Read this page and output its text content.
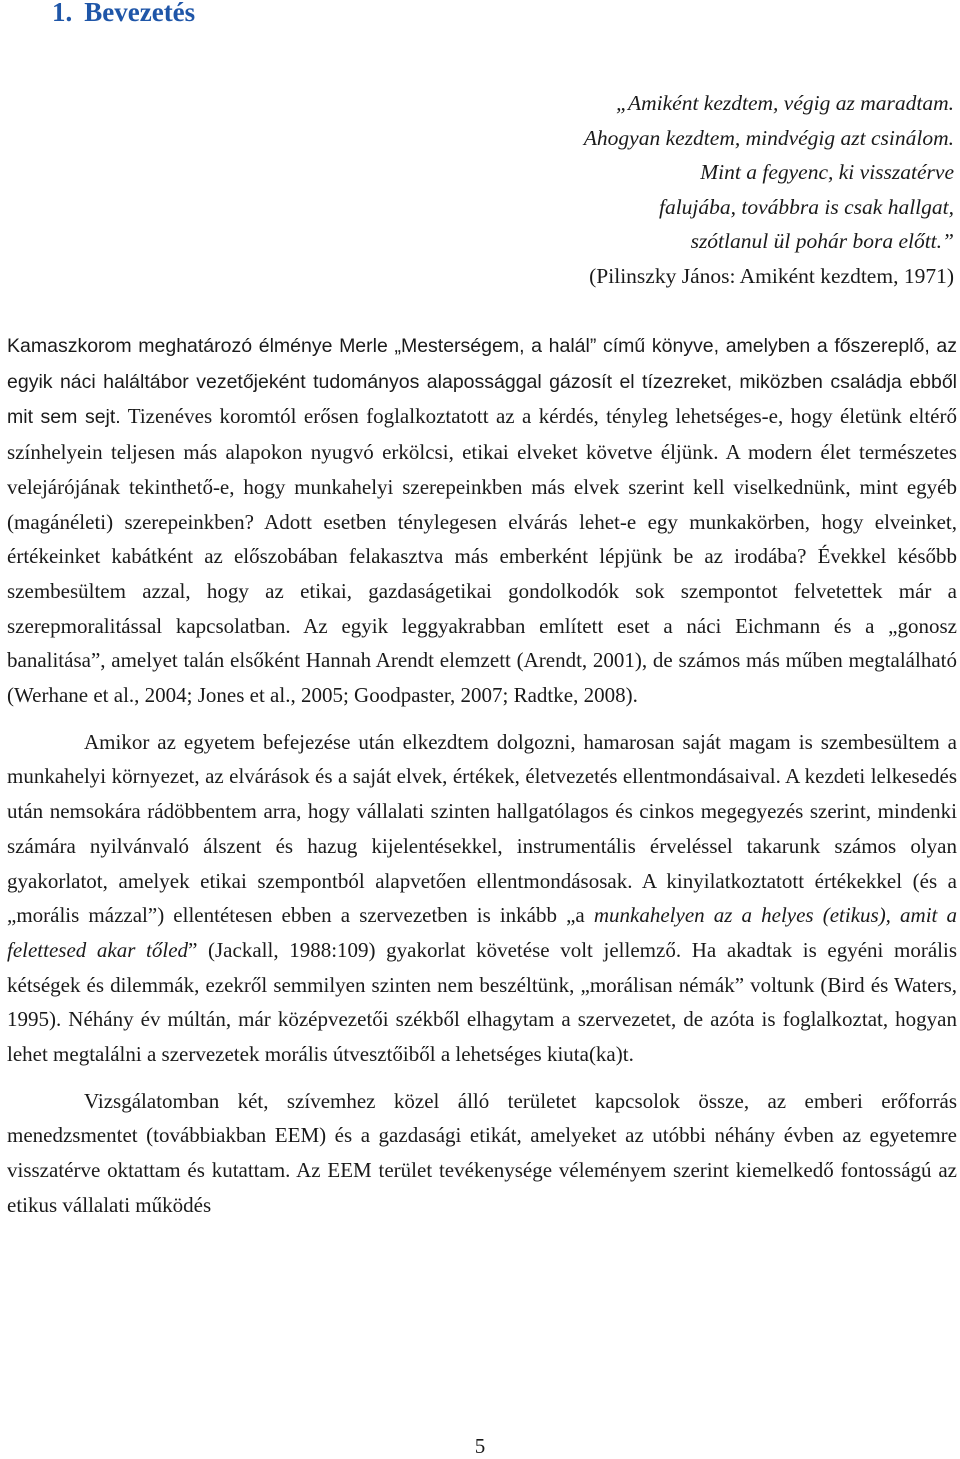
1. Bevezetés
„Amiként kezdtem, végig az maradtam.
Ahogyan kezdtem, mindvégig azt csinálom.
Mint a fegyenc, ki visszatérve
falujába, továbbra is csak hallgat,
szótlanul ül pohár bora előtt.”
(Pilinszky János: Amiként kezdtem, 1971)

Kamaszkorom meghatározó élménye Merle „Mesterségem, a halál” című könyve, amelyben a főszereplő, az egyik náci haláltábor vezetőjeként tudományos alapossággal gázosít el tízezreket, miközben családja ebből mit sem sejt. Tizenéves koromtól erősen foglalkoztatott az a kérdés, tényleg lehetséges-e, hogy életünk eltérő színhelyein teljesen más alapokon nyugvó erkölcsi, etikai elveket követve éljünk. A modern élet természetes velejárójának tekinthető-e, hogy munkahelyi szerepeinkben más elvek szerint kell viselkednünk, mint egyéb (magánéleti) szerepeinkben? Adott esetben ténylegesen elvárás lehet-e egy munkakörben, hogy elveinket, értékeinket kabátként az előszobában felakasztva más emberként lépjünk be az irodába? Évekkel később szembesültem azzal, hogy az etikai, gazdaságetikai gondolkodók sok szempontot felvetettek már a szerepmoralitással kapcsolatban. Az egyik leggyakrabban említett eset a náci Eichmann és a „gonosz banalitása”, amelyet talán elsőként Hannah Arendt elemzett (Arendt, 2001), de számos más műben megtalálható (Werhane et al., 2004; Jones et al., 2005; Goodpaster, 2007; Radtke, 2008).

Amikor az egyetem befejezése után elkezdtem dolgozni, hamarosan saját magam is szembesültem a munkahelyi környezet, az elvárások és a saját elvek, értékek, életvezetés ellentmondásaival. A kezdeti lelkesedés után nemsokára rádöbbentem arra, hogy vállalati szinten hallgatólagos és cinkos megegyezés szerint, mindenki számára nyilvánvaló álszent és hazug kijelentésekkel, instrumentális érveléssel takarunk számos olyan gyakorlatot, amelyek etikai szempontból alapvetően ellentmondásosak. A kinyilatkoztatott értékekkel (és a „morális mázzal”) ellentétesen ebben a szervezetben is inkább „a munkahelyen az a helyes (etikus), amit a felettesed akar tőled” (Jackall, 1988:109) gyakorlat követése volt jellemző. Ha akadtak is egyéni morális kétségek és dilemmák, ezekről semmilyen szinten nem beszéltünk, „morálisan némák” voltunk (Bird és Waters, 1995). Néhány év múltán, már középvezetői székből elhagytam a szervezetet, de azóta is foglalkoztat, hogyan lehet megtalálni a szervezetek morális útvesztőiből a lehetséges kiuta(ka)t.

Vizsgálatomban két, szívemhez közel álló területet kapcsolok össze, az emberi erőforrás menedzsmentet (továbbiakban EEM) és a gazdasági etikát, amelyeket az utóbbi néhány évben az egyetemre visszatérve oktattam és kutattam. Az EEM terület tevékenysége véleményem szerint kiemelkedő fontosságú az etikus vállalati működés

5
